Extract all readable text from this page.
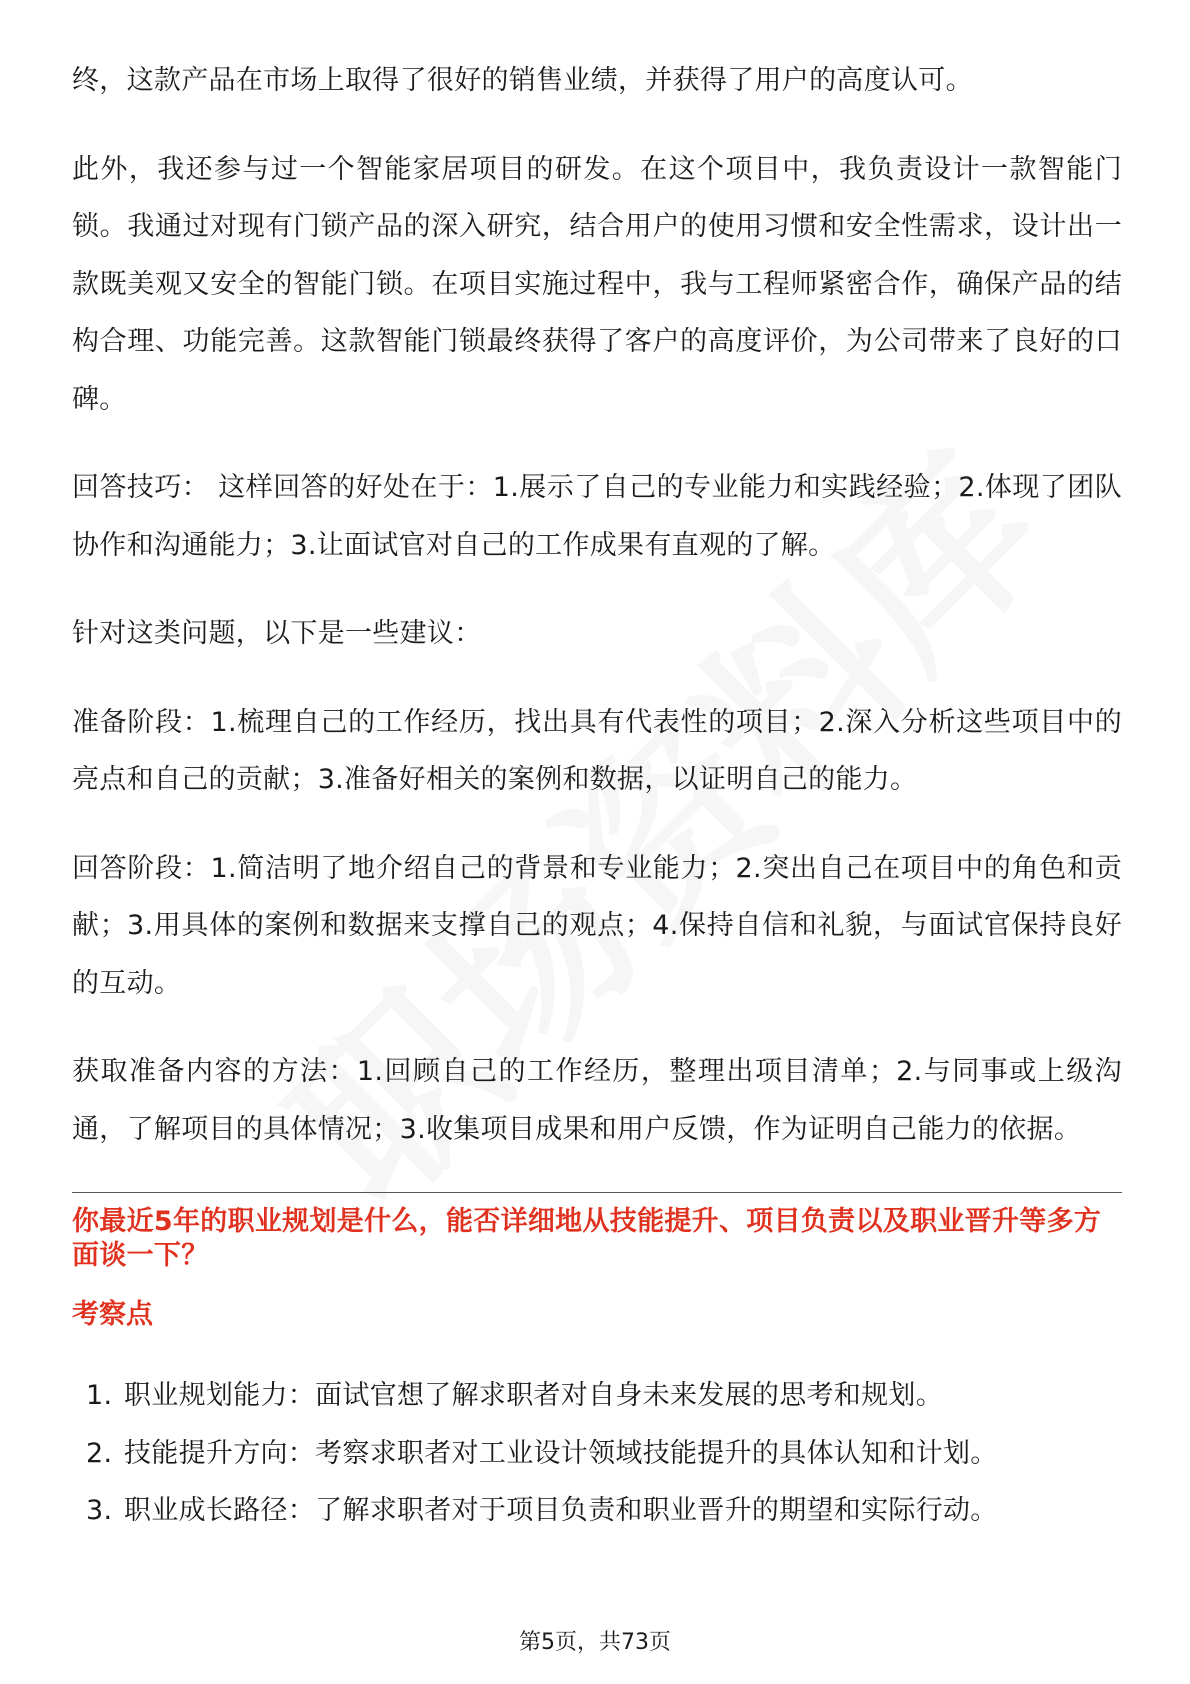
终，这款产品在市场上取得了很好的销售业绩，并获得了用户的高度认可。

此外，我还参与过一个智能家居项目的研发。在这个项目中，我负责设计一款智能门锁。我通过对现有门锁产品的深入研究，结合用户的使用习惯和安全性需求，设计出一款既美观又安全的智能门锁。在项目实施过程中，我与工程师紧密合作，确保产品的结构合理、功能完善。这款智能门锁最终获得了客户的高度评价，为公司带来了良好的口碑。

回答技巧： 这样回答的好处在于：1.展示了自己的专业能力和实践经验；2.体现了团队协作和沟通能力；3.让面试官对自己的工作成果有直观的了解。

针对这类问题，以下是一些建议：

准备阶段：1.梳理自己的工作经历，找出具有代表性的项目；2.深入分析这些项目中的亮点和自己的贡献；3.准备好相关的案例和数据，以证明自己的能力。

回答阶段：1.简洁明了地介绍自己的背景和专业能力；2.突出自己在项目中的角色和贡献；3.用具体的案例和数据来支撑自己的观点；4.保持自信和礼貌，与面试官保持良好的互动。

获取准备内容的方法：1.回顾自己的工作经历，整理出项目清单；2.与同事或上级沟通，了解项目的具体情况；3.收集项目成果和用户反馈，作为证明自己能力的依据。

你最近5年的职业规划是什么，能否详细地从技能提升、项目负责以及职业晋升等多方面谈一下？
考察点
1. 职业规划能力：面试官想了解求职者对自身未来发展的思考和规划。
2. 技能提升方向：考察求职者对工业设计领域技能提升的具体认知和计划。
3. 职业成长路径：了解求职者对于项目负责和职业晋升的期望和实际行动。
第5页，共73页
